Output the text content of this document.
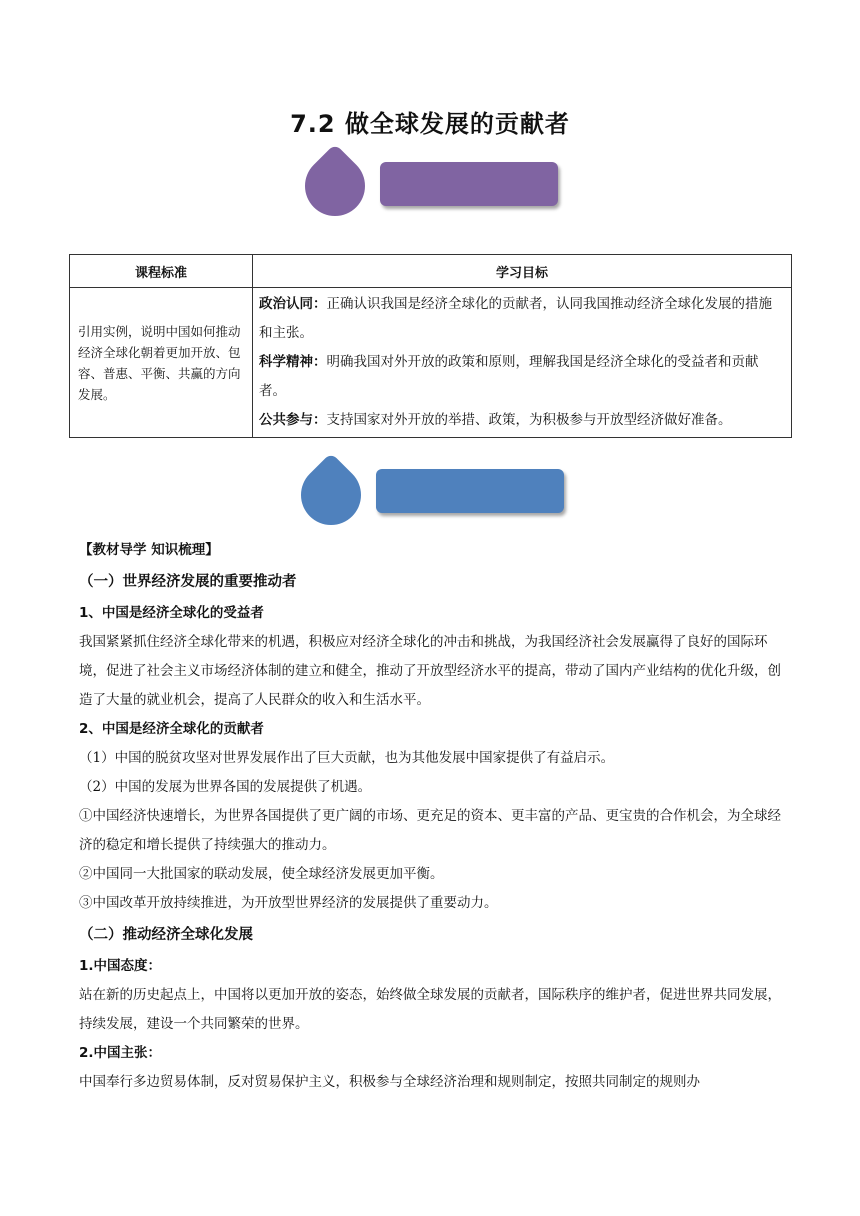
7.2 做全球发展的贡献者
课程标准	学习目标
引用实例，说明中国如何推动经济全球化朝着更加开放、包容、普惠、平衡、共赢的方向发展。	政治认同：正确认识我国是经济全球化的贡献者，认同我国推动经济全球化发展的措施和主张。

科学精神：明确我国对外开放的政策和原则，理解我国是经济全球化的受益者和贡献者。

公共参与：支持国家对外开放的举措、政策，为积极参与开放型经济做好准备。

【教材导学 知识梳理】

（一）世界经济发展的重要推动者

1、中国是经济全球化的受益者

我国紧紧抓住经济全球化带来的机遇，积极应对经济全球化的冲击和挑战，为我国经济社会发展赢得了良好的国际环境，促进了社会主义市场经济体制的建立和健全，推动了开放型经济水平的提高，带动了国内产业结构的优化升级，创造了大量的就业机会，提高了人民群众的收入和生活水平。

2、中国是经济全球化的贡献者

（1）中国的脱贫攻坚对世界发展作出了巨大贡献，也为其他发展中国家提供了有益启示。

（2）中国的发展为世界各国的发展提供了机遇。

①中国经济快速增长，为世界各国提供了更广阔的市场、更充足的资本、更丰富的产品、更宝贵的合作机会，为全球经济的稳定和增长提供了持续强大的推动力。

②中国同一大批国家的联动发展，使全球经济发展更加平衡。

③中国改革开放持续推进，为开放型世界经济的发展提供了重要动力。

（二）推动经济全球化发展

1.中国态度：

站在新的历史起点上，中国将以更加开放的姿态，始终做全球发展的贡献者，国际秩序的维护者，促进世界共同发展，持续发展，建设一个共同繁荣的世界。

2.中国主张：

中国奉行多边贸易体制，反对贸易保护主义，积极参与全球经济治理和规则制定，按照共同制定的规则办
